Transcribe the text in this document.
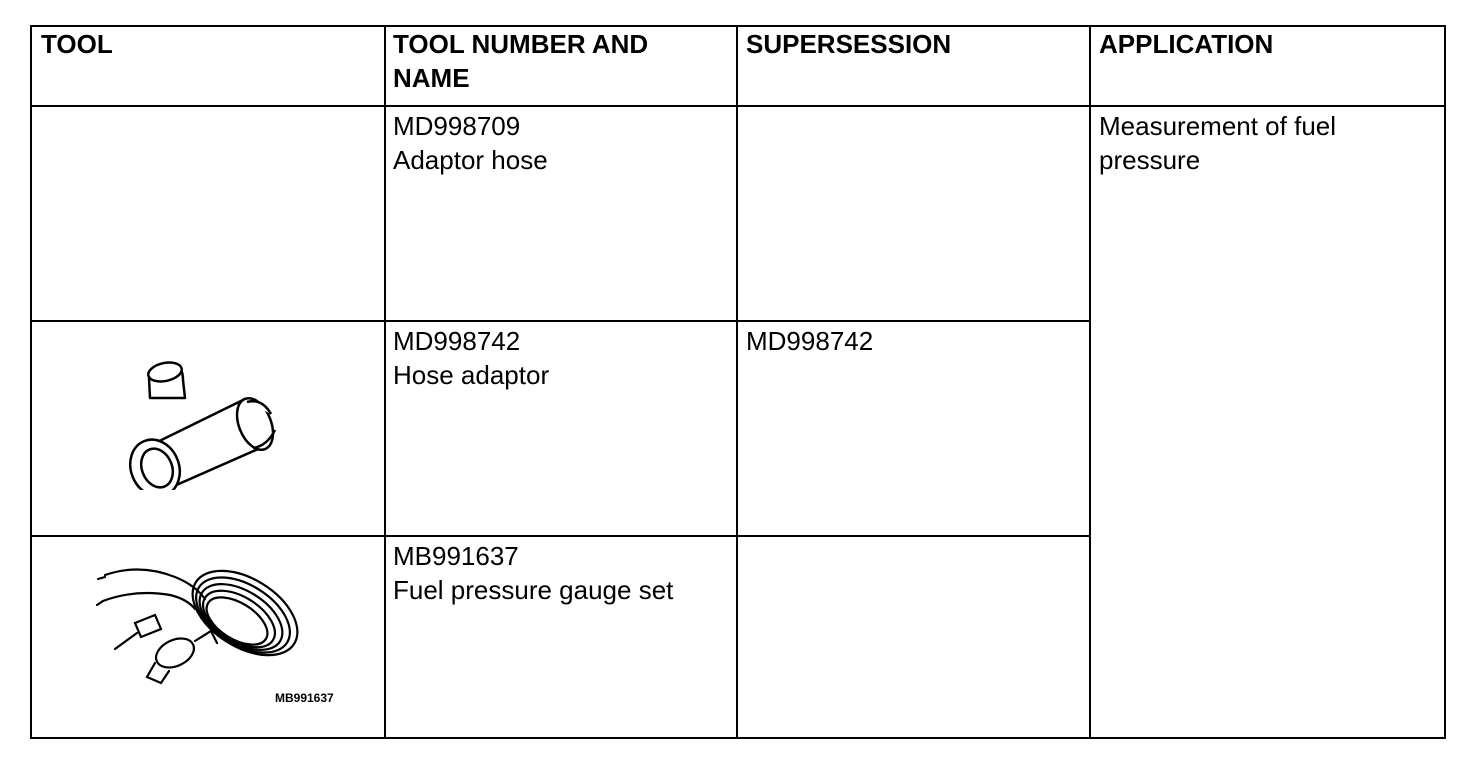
TOOL	TOOL NUMBER AND
NAME
SUPERSESSION	APPLICATION
MD998709
Adaptor hose
MD998742
Hose adaptor
MD998742
MB991637
Fuel pressure gauge set
Measurement of fuel
pressure
MB991637
